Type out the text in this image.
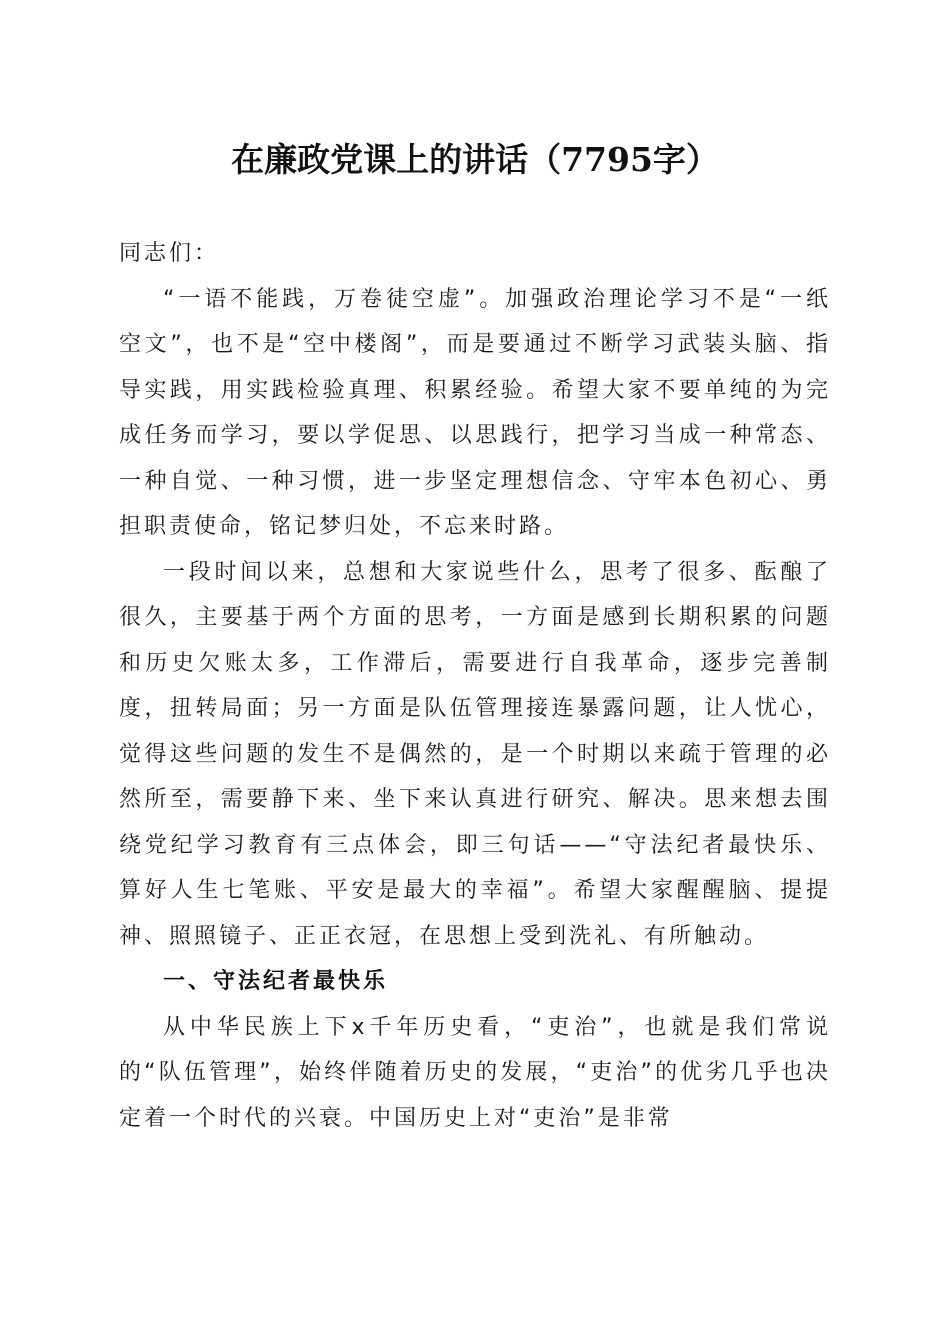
在廉政党课上的讲话（7795字）

同志们：

“一语不能践，万卷徒空虚”。加强政治理论学习不是“一纸空文”，也不是“空中楼阁”，而是要通过不断学习武装头脑、指导实践，用实践检验真理、积累经验。希望大家不要单纯的为完成任务而学习，要以学促思、以思践行，把学习当成一种常态、一种自觉、一种习惯，进一步坚定理想信念、守牢本色初心、勇担职责使命，铭记梦归处，不忘来时路。

一段时间以来，总想和大家说些什么，思考了很多、酝酿了很久，主要基于两个方面的思考，一方面是感到长期积累的问题和历史欠账太多，工作滞后，需要进行自我革命，逐步完善制度，扭转局面；另一方面是队伍管理接连暴露问题，让人忧心，觉得这些问题的发生不是偶然的，是一个时期以来疏于管理的必然所至，需要静下来、坐下来认真进行研究、解决。思来想去围绕党纪学习教育有三点体会，即三句话——“守法纪者最快乐、算好人生七笔账、平安是最大的幸福”。希望大家醒醒脑、提提神、照照镜子、正正衣冠，在思想上受到洗礼、有所触动。

一、守法纪者最快乐

从中华民族上下x千年历史看，“吏治”，也就是我们常说的“队伍管理”，始终伴随着历史的发展，“吏治”的优劣几乎也决定着一个时代的兴衰。中国历史上对“吏治”是非常
